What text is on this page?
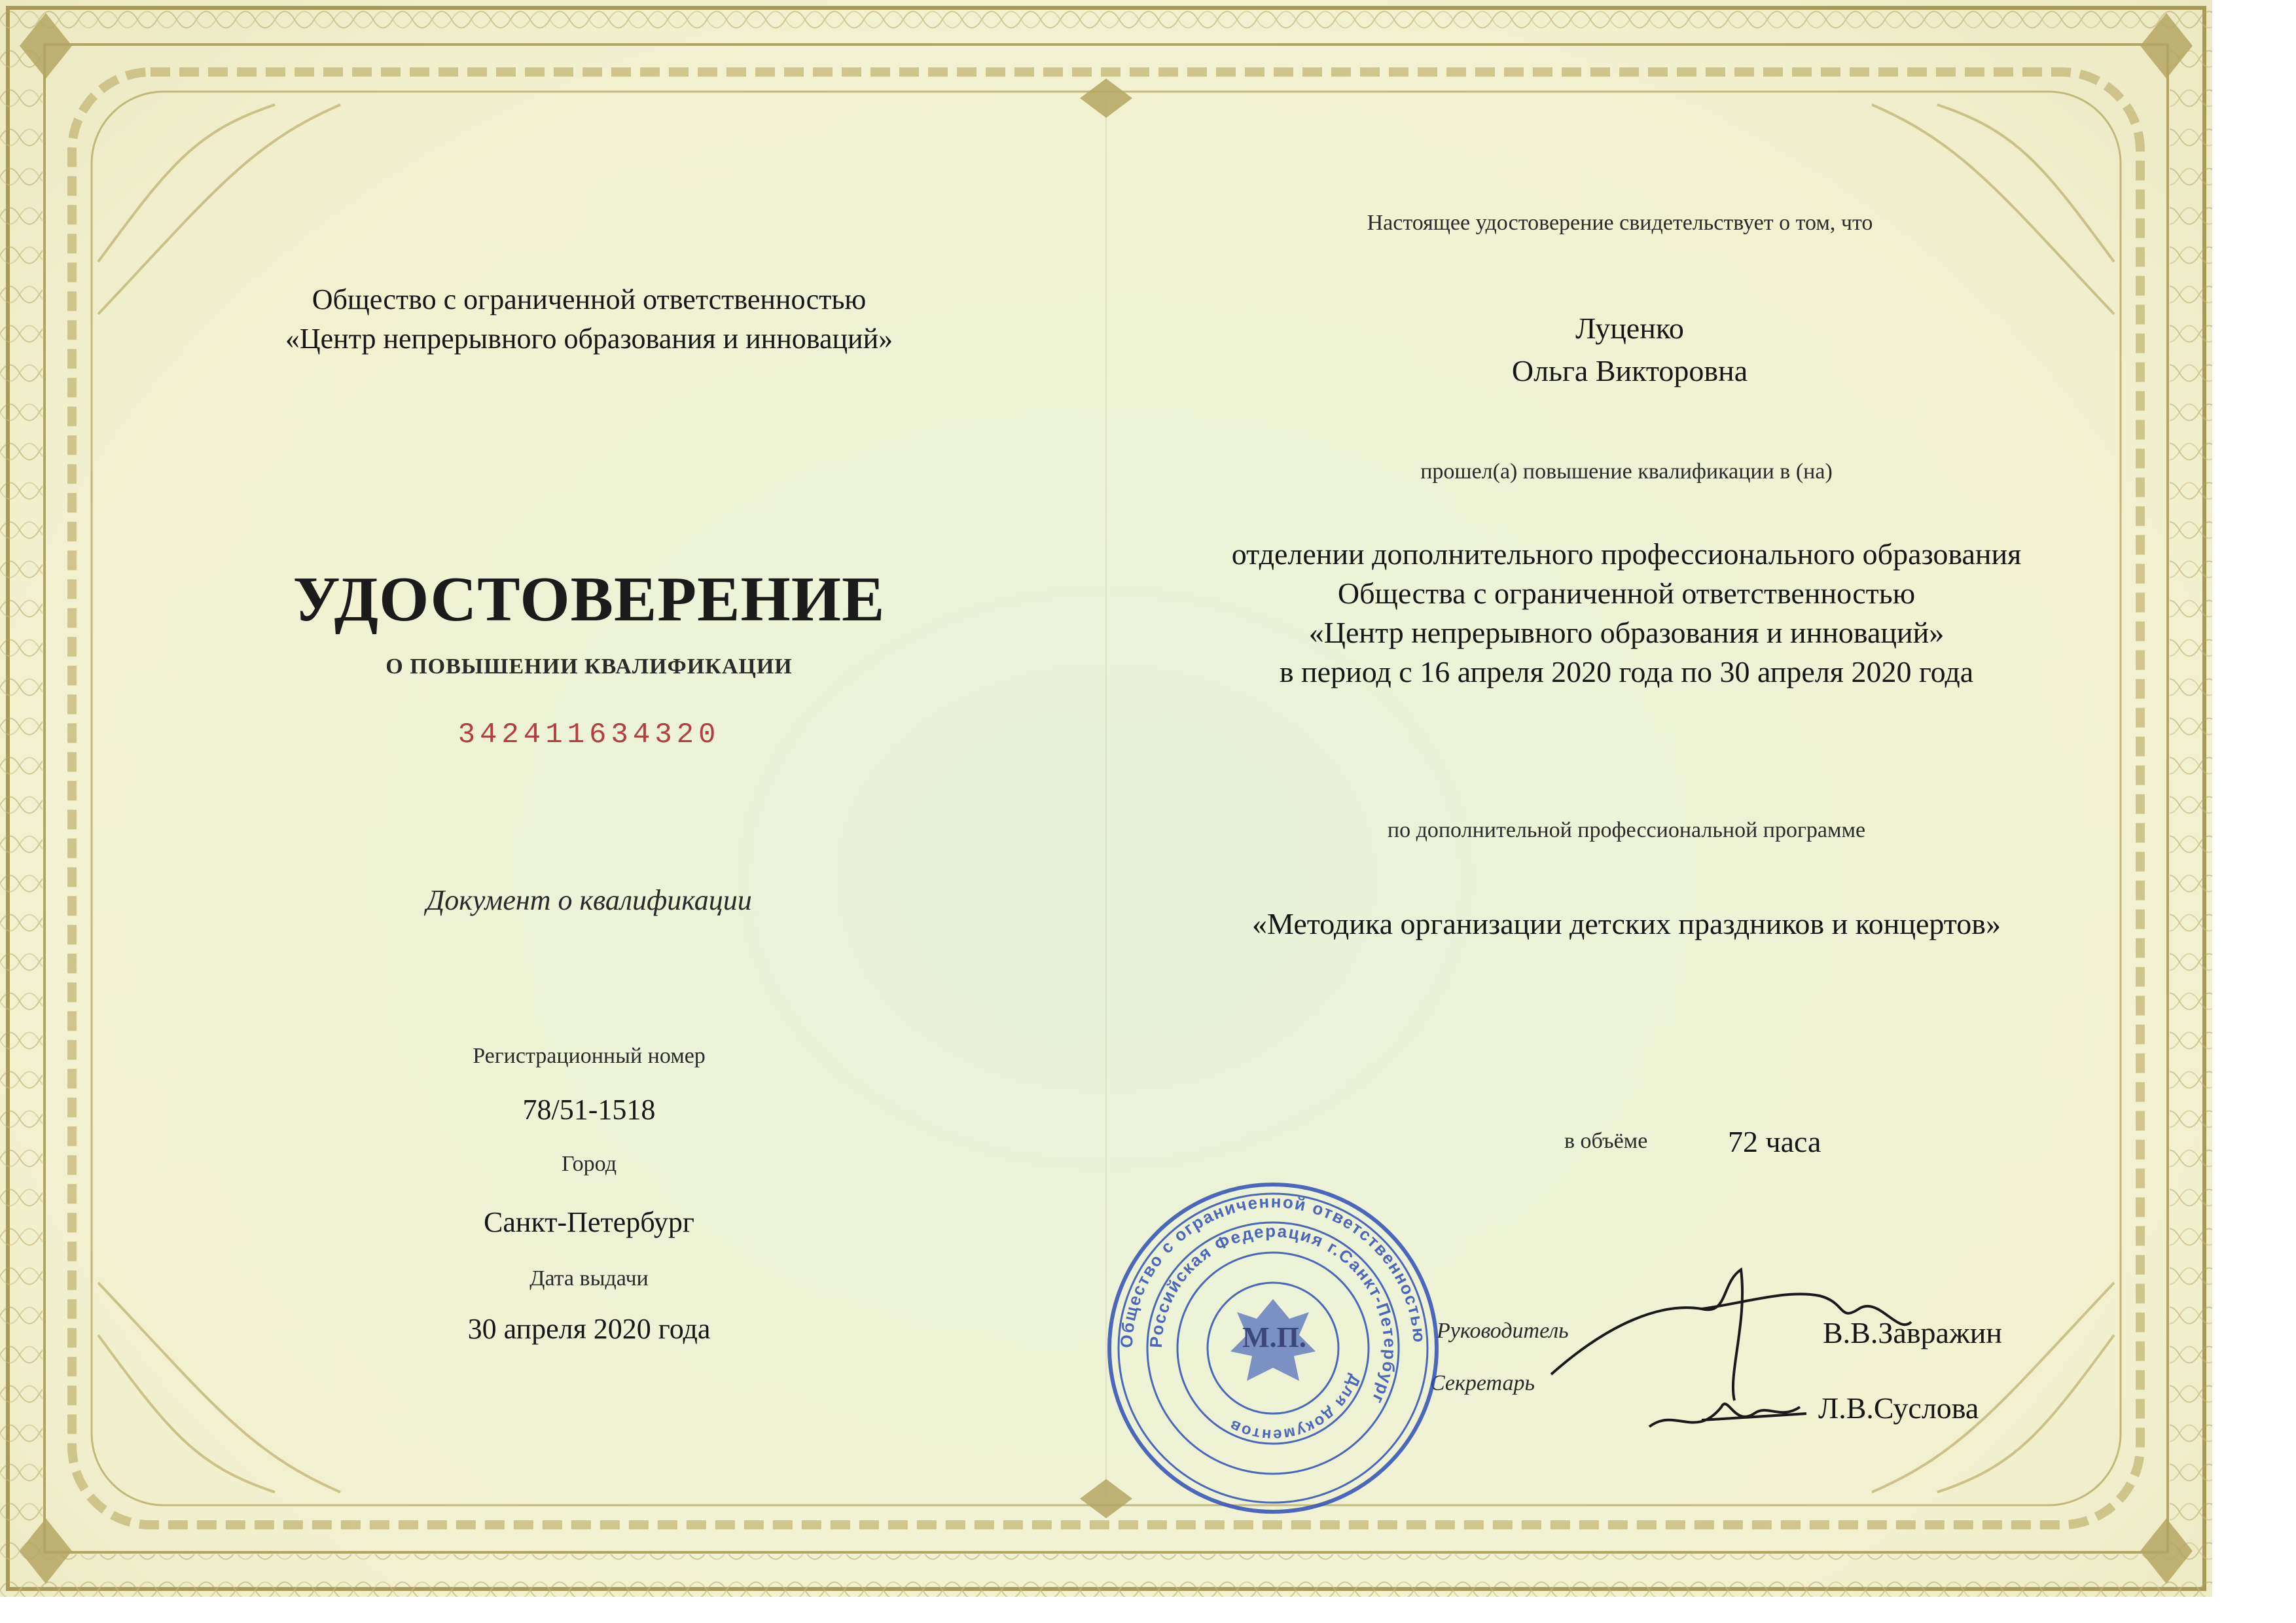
Общество с ограниченной ответственностью
«Центр непрерывного образования и инноваций»
УДОСТОВЕРЕНИЕ
О ПОВЫШЕНИИ КВАЛИФИКАЦИИ
342411634320
Документ о квалификации
Регистрационный номер
78/51-1518
Город
Санкт-Петербург
Дата выдачи
30 апреля 2020 года
Настоящее удостоверение свидетельствует о том, что
Луценко
Ольга Викторовна
прошел(а) повышение квалификации в (на)
отделении дополнительного профессионального образования
Общества с ограниченной ответственностью
«Центр непрерывного образования и инноваций»
в период с 16 апреля 2020 года по 30 апреля 2020 года
по дополнительной профессиональной программе
«Методика организации детских праздников и концертов»
в объёме	72 часа
Руководитель	В.В.Завражин
Секретарь
Л.В.Суслова
Общество с ограниченной ответственностью
Российская Федерация г.Санкт-Петербург
Для документов
М.П.
